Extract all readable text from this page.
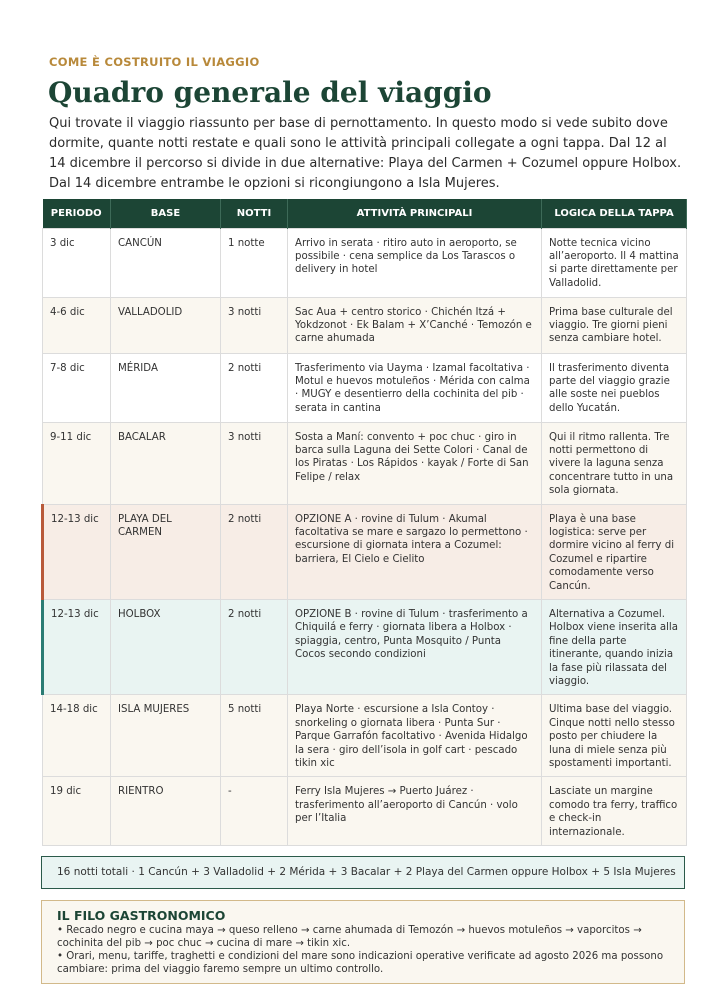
COME È COSTRUITO IL VIAGGIO
Quadro generale del viaggio

Qui trovate il viaggio riassunto per base di pernottamento. In questo modo si vede subito dove dormite, quante notti restate e quali sono le attività principali collegate a ogni tappa. Dal 12 al 14 dicembre il percorso si divide in due alternative: Playa del Carmen + Cozumel oppure Holbox. Dal 14 dicembre entrambe le opzioni si ricongiungono a Isla Mujeres.

PERIODO	BASE	NOTTI	ATTIVITÀ PRINCIPALI	LOGICA DELLA TAPPA
3 dic	CANCÚN	1 notte	Arrivo in serata · ritiro auto in aeroporto, se possibile · cena semplice da Los Tarascos o delivery in hotel	Notte tecnica vicino all’aeroporto. Il 4 mattina si parte direttamente per Valladolid.
4-6 dic	VALLADOLID	3 notti	Sac Aua + centro storico · Chichén Itzá + Yokdzonot · Ek Balam + X’Canché · Temozón e carne ahumada	Prima base culturale del viaggio. Tre giorni pieni senza cambiare hotel.
7-8 dic	MÉRIDA	2 notti	Trasferimento via Uayma · Izamal facoltativa · Motul e huevos motuleños · Mérida con calma · MUGY e desentierro della cochinita del pib · serata in cantina	Il trasferimento diventa parte del viaggio grazie alle soste nei pueblos dello Yucatán.
9-11 dic	BACALAR	3 notti	Sosta a Maní: convento + poc chuc · giro in barca sulla Laguna dei Sette Colori · Canal de los Piratas · Los Rápidos · kayak / Forte di San Felipe / relax	Qui il ritmo rallenta. Tre notti permettono di vivere la laguna senza concentrare tutto in una sola giornata.
12-13 dic	PLAYA DEL CARMEN	2 notti	OPZIONE A · rovine di Tulum · Akumal facoltativa se mare e sargazo lo permettono · escursione di giornata intera a Cozumel: barriera, El Cielo e Cielito	Playa è una base logistica: serve per dormire vicino al ferry di Cozumel e ripartire comodamente verso Cancún.
12-13 dic	HOLBOX	2 notti	OPZIONE B · rovine di Tulum · trasferimento a Chiquilá e ferry · giornata libera a Holbox · spiaggia, centro, Punta Mosquito / Punta Cocos secondo condizioni	Alternativa a Cozumel. Holbox viene inserita alla fine della parte itinerante, quando inizia la fase più rilassata del viaggio.
14-18 dic	ISLA MUJERES	5 notti	Playa Norte · escursione a Isla Contoy · snorkeling o giornata libera · Punta Sur · Parque Garrafón facoltativo · Avenida Hidalgo la sera · giro dell’isola in golf cart · pescado tikin xic	Ultima base del viaggio. Cinque notti nello stesso posto per chiudere la luna di miele senza più spostamenti importanti.
19 dic	RIENTRO	-	Ferry Isla Mujeres → Puerto Juárez · trasferimento all’aeroporto di Cancún · volo per l’Italia	Lasciate un margine comodo tra ferry, traffico e check-in internazionale.
16 notti totali · 1 Cancún + 3 Valladolid + 2 Mérida + 3 Bacalar + 2 Playa del Carmen oppure Holbox + 5 Isla Mujeres
IL FILO GASTRONOMICO
• Recado negro e cucina maya → queso relleno → carne ahumada di Temozón → huevos motuleños → vaporcitos → cochinita del pib → poc chuc → cucina di mare → tikin xic.
• Orari, menu, tariffe, traghetti e condizioni del mare sono indicazioni operative verificate ad agosto 2026 ma possono cambiare: prima del viaggio faremo sempre un ultimo controllo.
